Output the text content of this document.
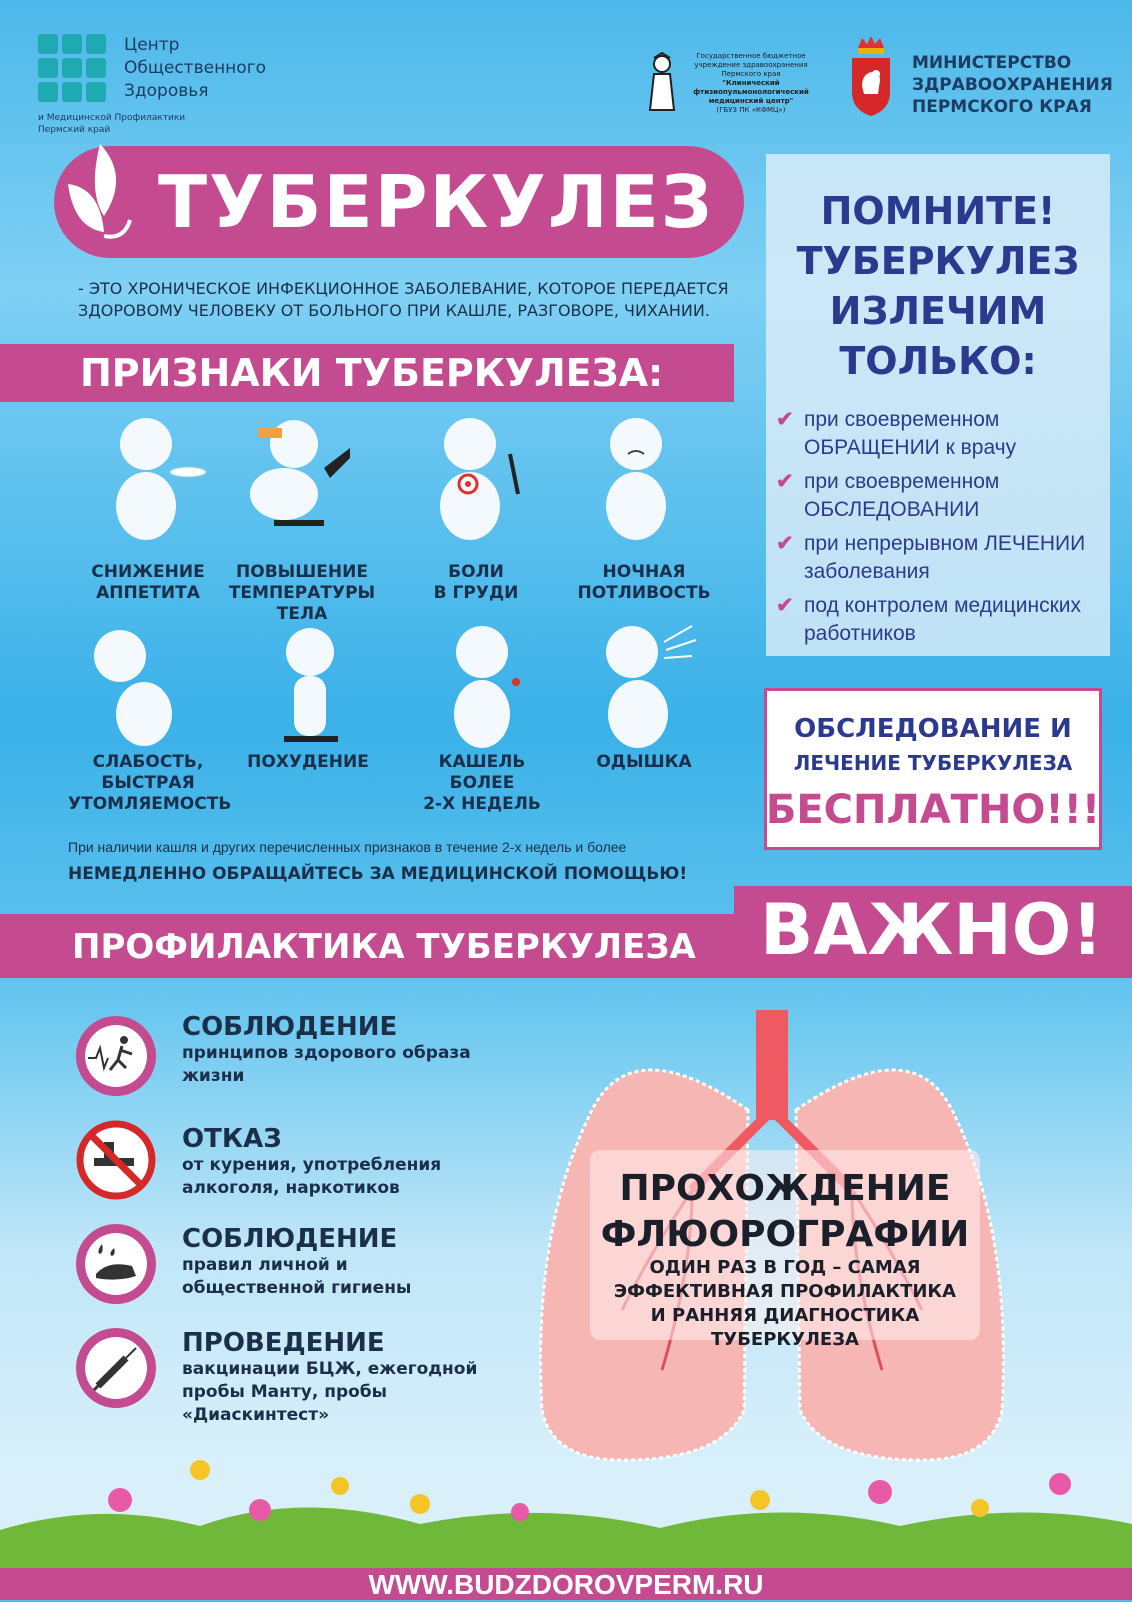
Центр
Общественного
Здоровья
и Медицинской Профилактики
Пермский край
Государственное бюджетное
учреждение здравоохранения
Пермского края
"Клинический
фтизиопульмонологический
медицинский центр"
(ГБУЗ ПК «КФМЦ»)
МИНИСТЕРСТВО
ЗДРАВООХРАНЕНИЯ
ПЕРМСКОГО КРАЯ
ТУБЕРКУЛЕЗ
- ЭТО ХРОНИЧЕСКОЕ ИНФЕКЦИОННОЕ ЗАБОЛЕВАНИЕ, КОТОРОЕ ПЕРЕДАЕТСЯ ЗДОРОВОМУ ЧЕЛОВЕКУ ОТ БОЛЬНОГО ПРИ КАШЛЕ, РАЗГОВОРЕ, ЧИХАНИИ.
ПОМНИТЕ!
ТУБЕРКУЛЕЗ
ИЗЛЕЧИМ
ТОЛЬКО:
✔ при своевременном ОБРАЩЕНИИ к врачу
✔ при своевременном ОБСЛЕДОВАНИИ
✔ при непрерывном ЛЕЧЕНИИ заболевания
✔ под контролем медицинских работников
ПРИЗНАКИ ТУБЕРКУЛЕЗА:
СНИЖЕНИЕ
АППЕТИТА
ПОВЫШЕНИЕ
ТЕМПЕРАТУРЫ
ТЕЛА
БОЛИ
В ГРУДИ
НОЧНАЯ
ПОТЛИВОСТЬ
СЛАБОСТЬ,
БЫСТРАЯ
УТОМЛЯЕМОСТЬ
ПОХУДЕНИЕ	КАШЕЛЬ
БОЛЕЕ
2-Х НЕДЕЛЬ
ОДЫШКА
При наличии кашля и других перечисленных признаков в течение 2-х недель и более
НЕМЕДЛЕННО ОБРАЩАЙТЕСЬ ЗА МЕДИЦИНСКОЙ ПОМОЩЬЮ!
ОБСЛЕДОВАНИЕ И
ЛЕЧЕНИЕ ТУБЕРКУЛЕЗА
БЕСПЛАТНО!!!
ПРОФИЛАКТИКА ТУБЕРКУЛЕЗА ВАЖНО!
СОБЛЮДЕНИЕ
принципов здорового образа жизни
ОТКАЗ
от курения, употребления алкоголя, наркотиков
СОБЛЮДЕНИЕ
правил личной и общественной гигиены
ПРОВЕДЕНИЕ
вакцинации БЦЖ, ежегодной пробы Манту, пробы «Диаскинтест»
ПРОХОЖДЕНИЕ
ФЛЮОРОГРАФИИ
ОДИН РАЗ В ГОД – САМАЯ
ЭФФЕКТИВНАЯ ПРОФИЛАКТИКА
И РАННЯЯ ДИАГНОСТИКА
ТУБЕРКУЛЕЗА
WWW.BUDZDOROVPERM.RU
